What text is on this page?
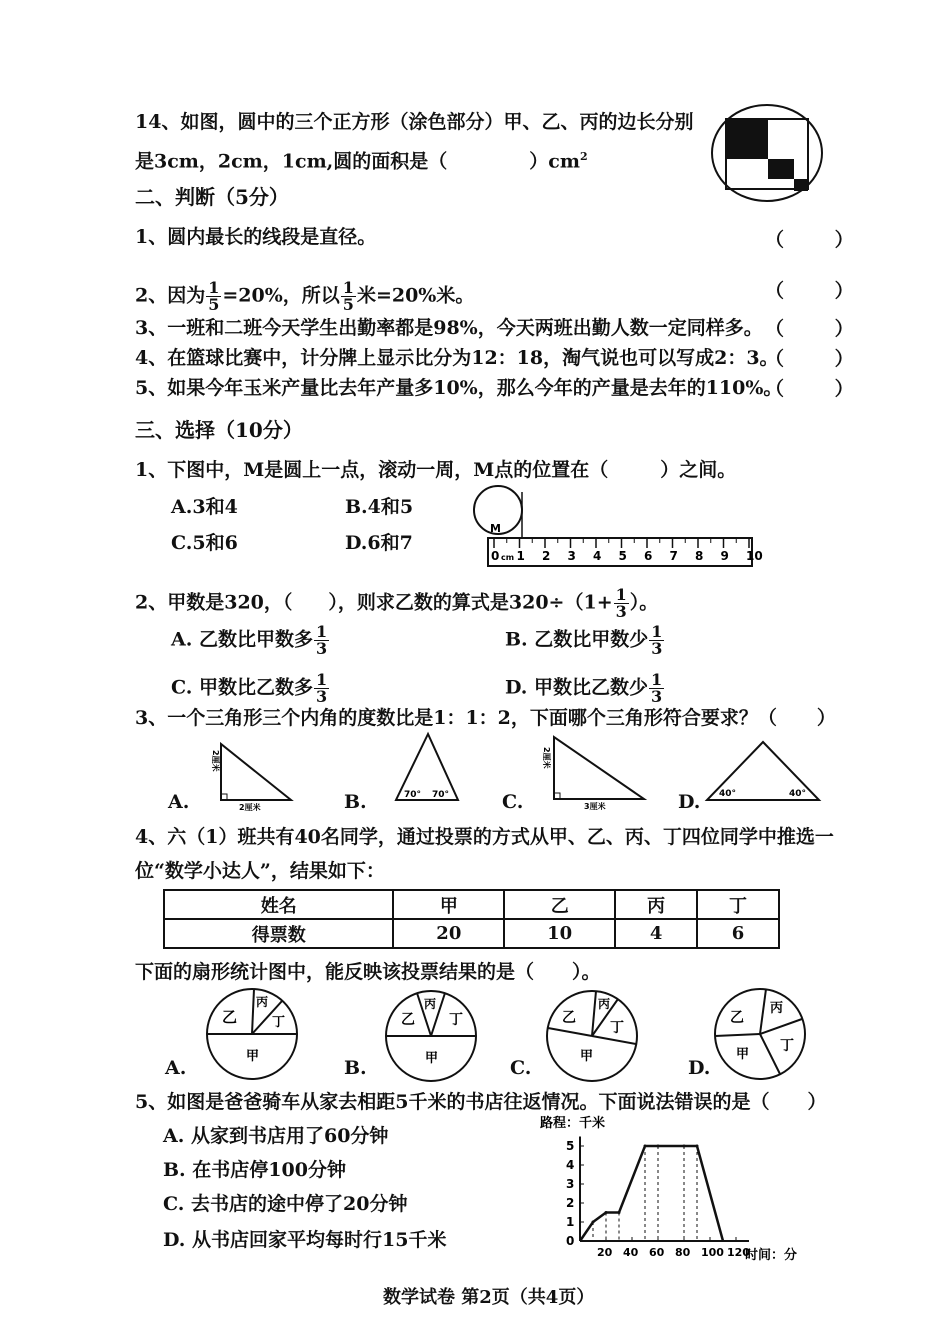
14、如图，圆中的三个正方形（涂色部分）甲、乙、丙的边长分别
是3cm，2cm，1cm,圆的面积是（	）$cm^2$
二、判断（5分）
1、圆内最长的线段是直径。	（ ）
2、因为 $\frac{1}{5} =20\%$，所以 $\frac{1}{5}$ 米=20%米。	（ ）
3、一班和二班今天学生出勤率都是98%，今天两班出勤人数一定同样多。 （ ）
4、在篮球比赛中，计分牌上显示比分为12：18，淘气说也可以写成2：3。
（ ）
5、如果今年玉米产量比去年产量多10%，那么今年的产量是去年的110%。
（ ）
三、选择（10分）
1、下图中，M是圆上一点，滚动一周，M点的位置在（	）之间。
A.3和4	B.4和5
C.5和6	D.6和7
M
0 1 2 3 4 5 6 7 8 9 10
cm
2、甲数是320，（ ），则求乙数的算式是$320\div(1+ \frac{1}{3}$ ）。
A. 乙数比甲数多 $\frac{1}{3}$	B. 乙数比甲数少 $\frac{1}{3}$
C. 甲数比乙数多 $\frac{1}{3}$	D. 甲数比乙数少 $\frac{1}{3}$
3、一个三角形三个内角的度数比是1：1：2，下面哪个三角形符合要求？（ ）
A.
2厘米
2厘米	B.	70° 70°	C.
2厘米
3厘米	D. 40°	40°
4、六（1）班共有40名同学，通过投票的方式从甲、乙、丙、丁四位同学中推选一
位“数学小达人”，结果如下：
姓名	甲	乙	丙	丁
得票数	20	10	4	6
下面的扇形统计图中，能反映该投票结果的是（ ）。
A.
乙
丙
丁
甲
B.
乙
丙
丁
甲	C.
乙
丙
丁
甲
D.
乙
丙
丁
甲
5、如图是爸爸骑车从家去相距5千米的书店往返情况。下面说法错误的是（ ）
A. 从家到书店用了60分钟
B. 在书店停100分钟
C. 去书店的途中停了20分钟
D. 从书店回家平均每时行15千米
路程：千米
时间：分
0
1
2
3
4
5
20 40 60 80 100 120
数学试卷 第2页（共4页）
